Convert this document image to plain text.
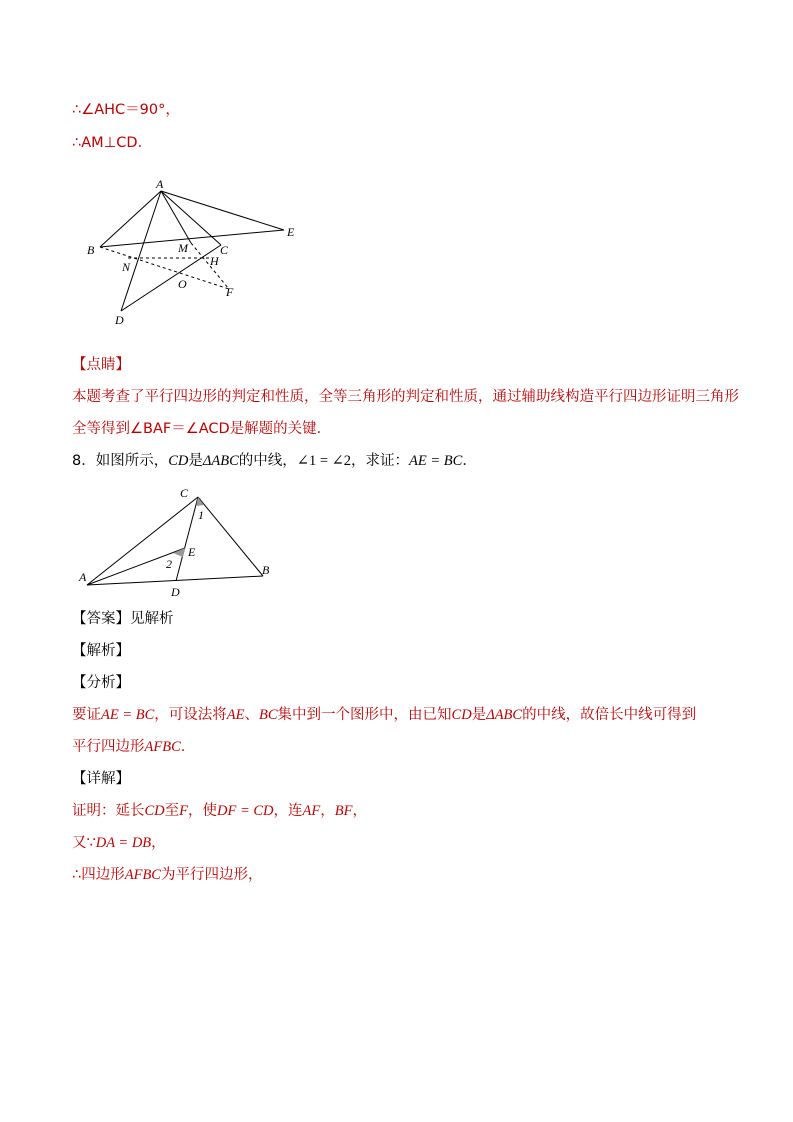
∴∠AHC＝90°，
∴AM⊥CD．
A
B
E
M	C
H
N
O
F
D
【点睛】
本题考查了平行四边形的判定和性质，全等三角形的判定和性质，通过辅助线构造平行四边形证明三角形
全等得到∠BAF＝∠ACD是解题的关键．
8．如图所示，CD是ΔABC的中线，∠1 = ∠2，求证：AE = BC．
C
1
E
2
A
D
B
【答案】见解析
【解析】
【分析】
要证AE = BC，可设法将AE、BC集中到一个图形中，由已知CD是ΔABC的中线，故倍长中线可得到
平行四边形AFBC.
【详解】
证明：延长CD至F，使DF = CD，连AF，BF，
又∵DA = DB，
∴四边形AFBC为平行四边形，
